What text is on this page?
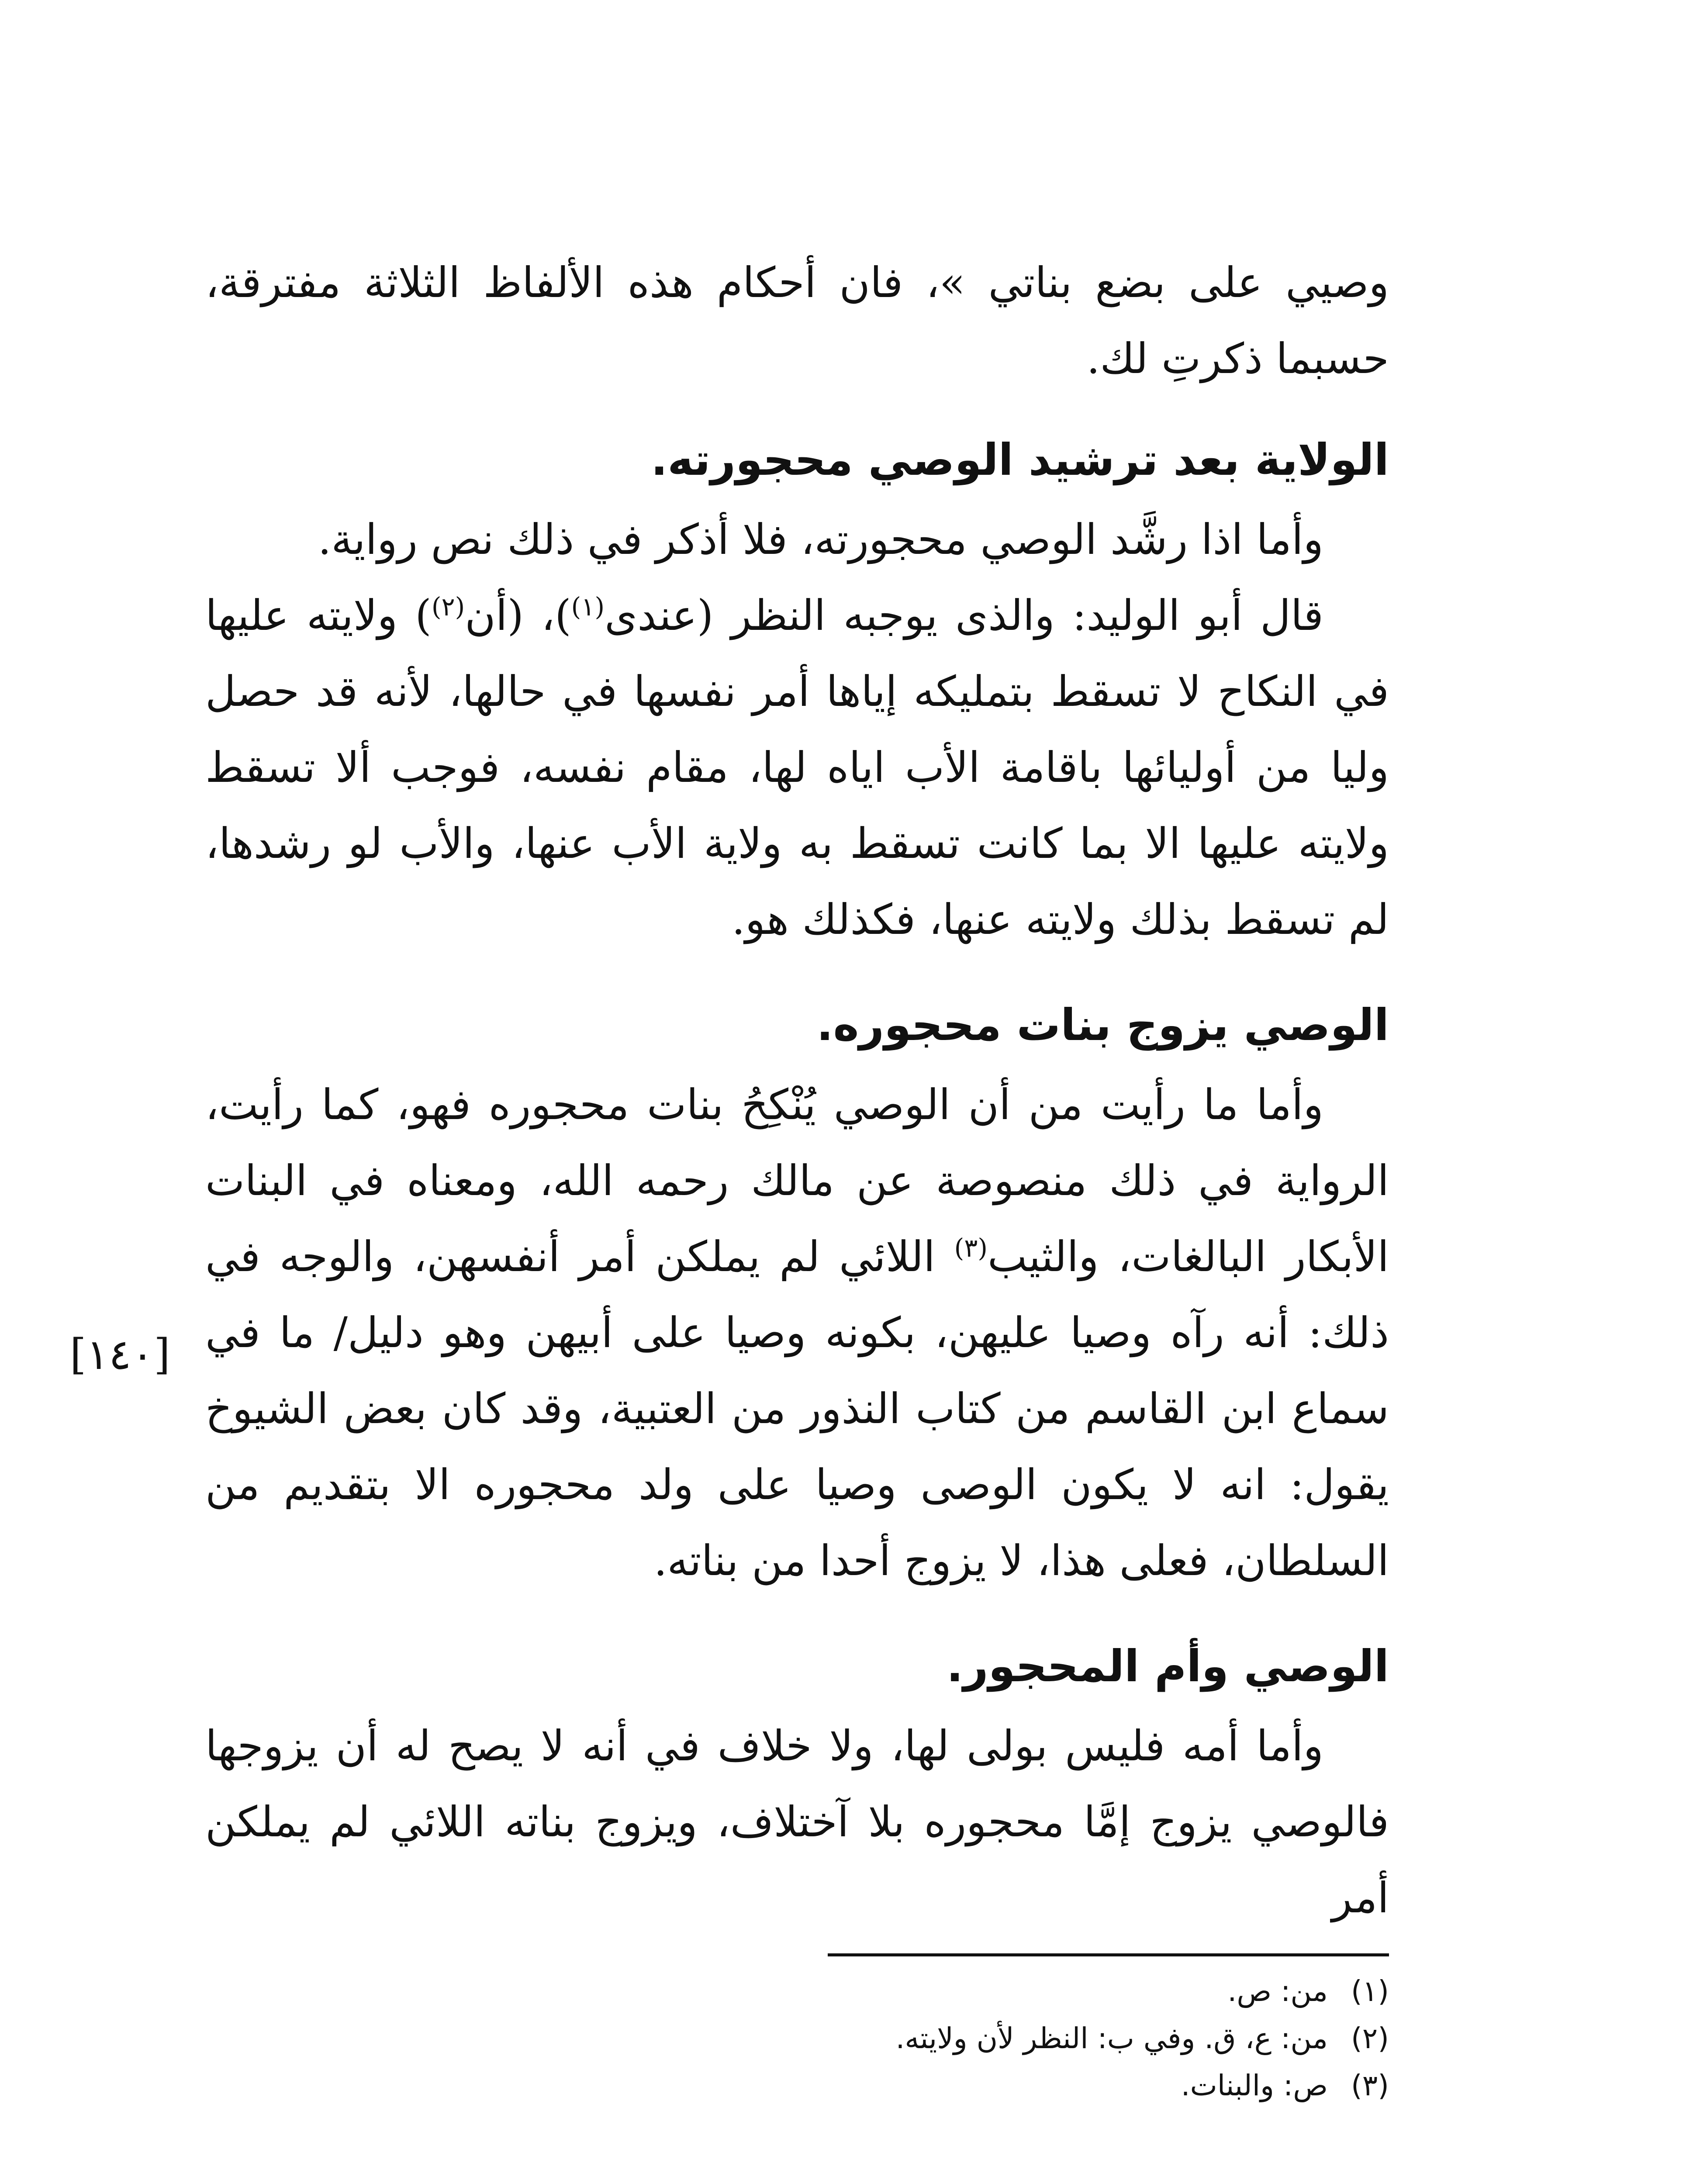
وصيي على بضع بناتي »، فان أحكام هذه الألفاظ الثلاثة مفترقة، حسبما ذكرتِ لك.

الولاية بعد ترشيد الوصي محجورته.

وأما اذا رشَّد الوصي محجورته، فلا أذكر في ذلك نص رواية.

قال أبو الوليد: والذى يوجبه النظر (عندى$^{(١)}$)، (أن$^{(٢)}$) ولايته عليها في النكاح لا تسقط بتمليكه إياها أمر نفسها في حالها، لأنه قد حصل وليا من أوليائها باقامة الأب اياه لها، مقام نفسه، فوجب ألا تسقط ولايته عليها الا بما كانت تسقط به ولاية الأب عنها، والأب لو رشدها، لم تسقط بذلك ولايته عنها، فكذلك هو.

الوصي يزوج بنات محجوره.

وأما ما رأيت من أن الوصي يُنْكِحُ بنات محجوره فهو، كما رأيت، الرواية في ذلك منصوصة عن مالك رحمه الله، ومعناه في البنات الأبكار البالغات، والثيب$^{(٣)}$ اللائي لم يملكن أمر أنفسهن، والوجه في ذلك: أنه رآه وصيا عليهن، بكونه وصيا على أبيهن وهو دليل/ ما في سماع ابن القاسم من كتاب النذور من العتبية، وقد كان بعض الشيوخ يقول: انه لا يكون الوصى وصيا على ولد محجوره الا بتقديم من السلطان، فعلى هذا، لا يزوج أحدا من بناته.

الوصي وأم المحجور.

وأما أمه فليس بولى لها، ولا خلاف في أنه لا يصح له أن يزوجها فالوصي يزوج إمَّا محجوره بلا آختلاف، ويزوج بناته اللائي لم يملكن أمر

[١٤٠]
(١)من: ص.
(٢)من: ع، ق. وفي ب: النظر لأن ولايته.
(٣)ص: والبنات.
